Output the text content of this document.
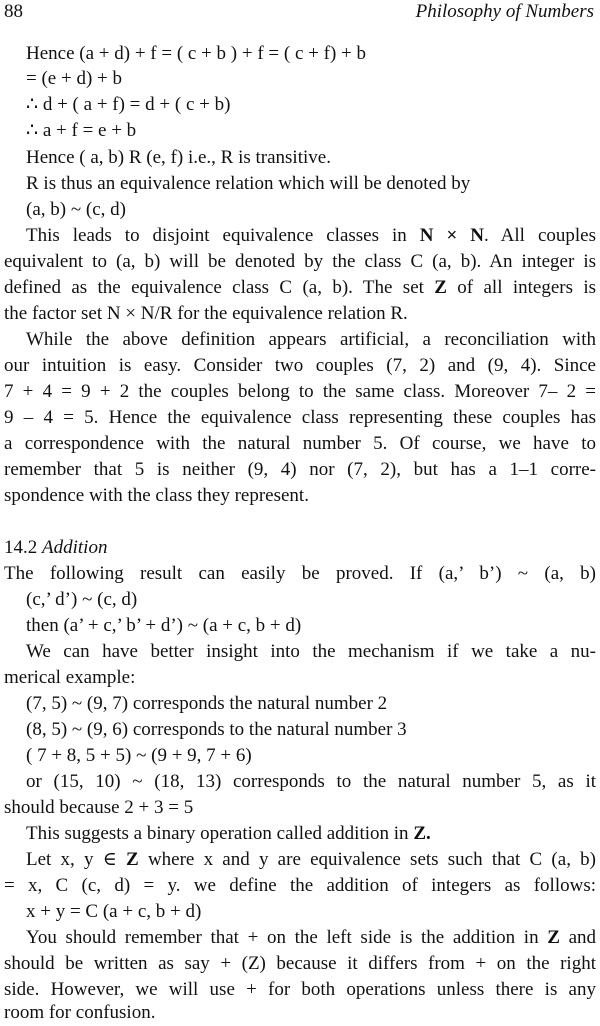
88	Philosophy of Numbers
Hence (a + d) + f = ( c + b ) + f = ( c + f) + b
= (e + d) + b
∴ d + ( a + f) = d + ( c + b)
∴ a + f = e + b
Hence ( a, b) R (e, f) i.e., R is transitive.
R is thus an equivalence relation which will be denoted by
(a, b) ~ (c, d)
This leads to disjoint equivalence classes in N × N. All couples
equivalent to (a, b) will be denoted by the class C (a, b). An integer is
defined as the equivalence class C (a, b). The set Z of all integers is
the factor set N × N/R for the equivalence relation R.
While the above definition appears artificial, a reconciliation with
our intuition is easy. Consider two couples (7, 2) and (9, 4). Since
7 + 4 = 9 + 2 the couples belong to the same class. Moreover 7– 2 =
9 – 4 = 5. Hence the equivalence class representing these couples has
a correspondence with the natural number 5. Of course, we have to
remember that 5 is neither (9, 4) nor (7, 2), but has a 1–1 corre-
spondence with the class they represent.
14.2 Addition
The following result can easily be proved. If (a,’ b’) ~ (a, b)
(c,’ d’) ~ (c, d)
then (a’ + c,’ b’ + d’) ~ (a + c, b + d)
We can have better insight into the mechanism if we take a nu-
merical example:
(7, 5) ~ (9, 7) corresponds the natural number 2
(8, 5) ~ (9, 6) corresponds to the natural number 3
( 7 + 8, 5 + 5) ~ (9 + 9, 7 + 6)
or (15, 10) ~ (18, 13) corresponds to the natural number 5, as it
should because 2 + 3 = 5
This suggests a binary operation called addition in Z.
Let x, y ∈ Z where x and y are equivalence sets such that C (a, b)
= x, C (c, d) = y. we define the addition of integers as follows:
x + y = C (a + c, b + d)
You should remember that + on the left side is the addition in Z and
should be written as say + (Z) because it differs from + on the right
side. However, we will use + for both operations unless there is any
room for confusion.
